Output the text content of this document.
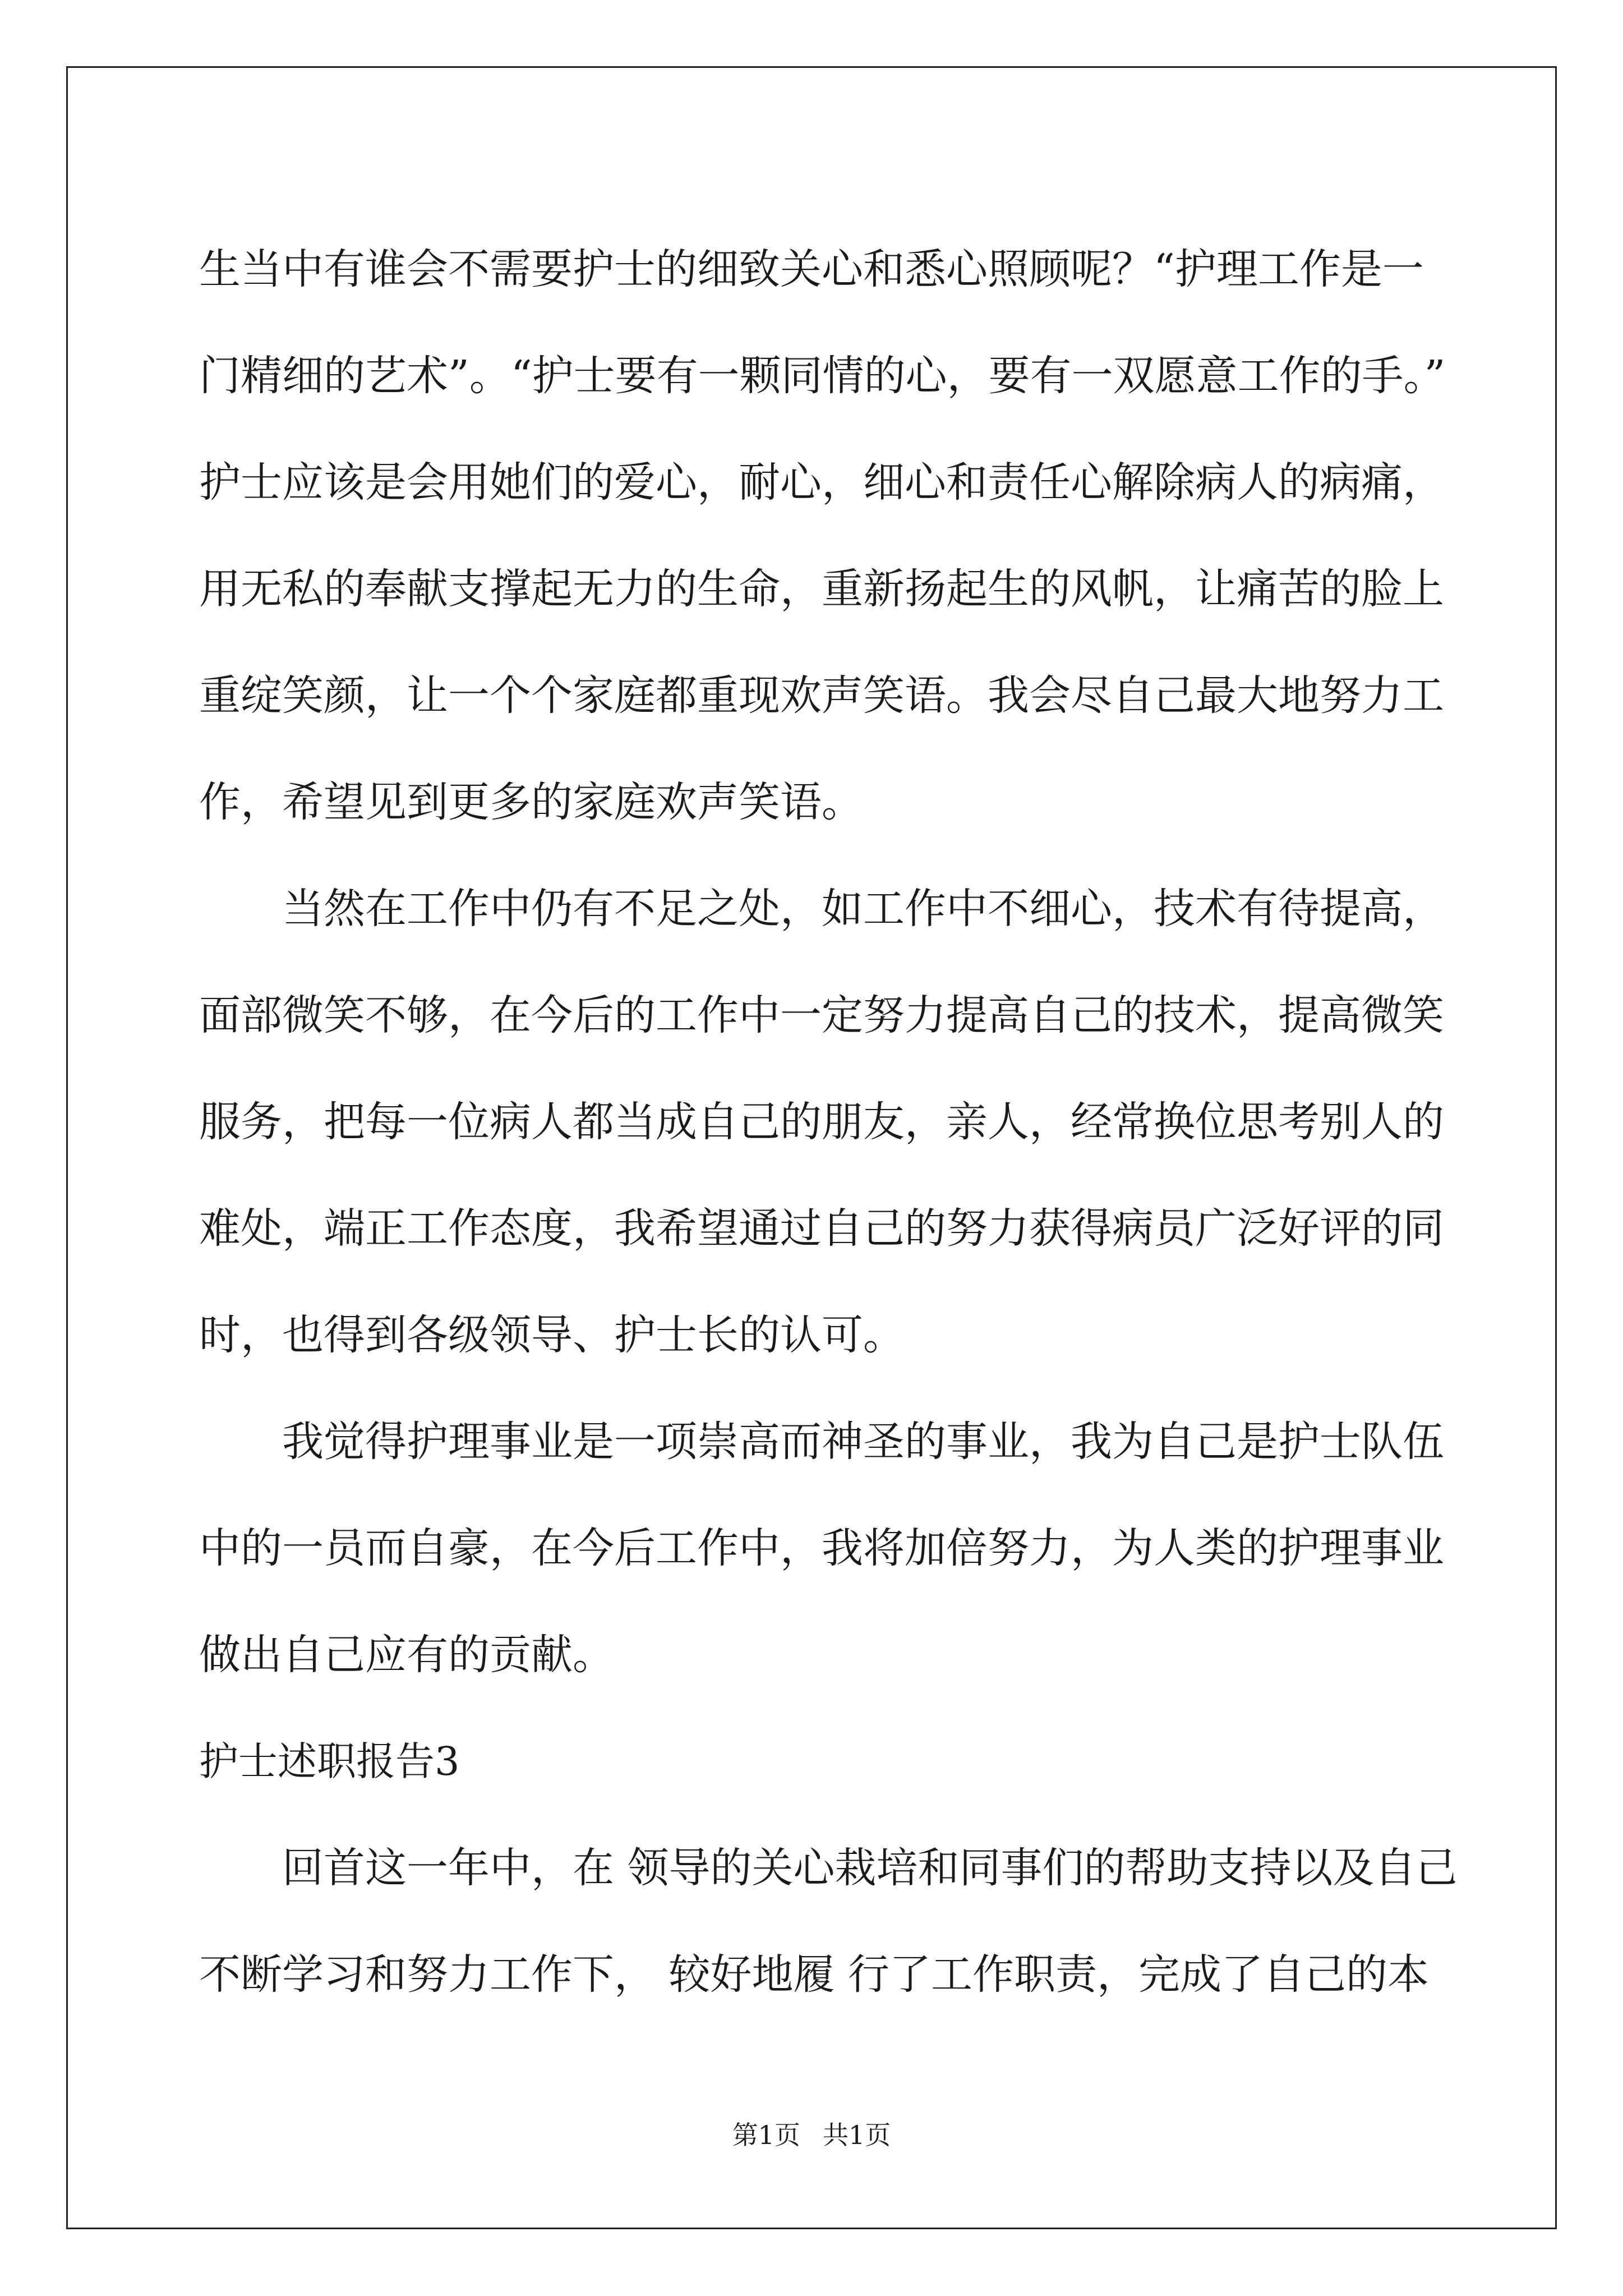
生当中有谁会不需要护士的细致关心和悉心照顾呢？“护理工作是一
门精细的艺术”。“护士要有一颗同情的心，要有一双愿意工作的手。”
护士应该是会用她们的爱心，耐心，细心和责任心解除病人的病痛，
用无私的奉献支撑起无力的生命，重新扬起生的风帆，让痛苦的脸上
重绽笑颜，让一个个家庭都重现欢声笑语。我会尽自己最大地努力工
作，希望见到更多的家庭欢声笑语。
当然在工作中仍有不足之处，如工作中不细心，技术有待提高，
面部微笑不够，在今后的工作中一定努力提高自己的技术，提高微笑
服务，把每一位病人都当成自己的朋友，亲人，经常换位思考别人的
难处，端正工作态度，我希望通过自己的努力获得病员广泛好评的同
时，也得到各级领导、护士长的认可。
我觉得护理事业是一项崇高而神圣的事业，我为自己是护士队伍
中的一员而自豪，在今后工作中，我将加倍努力，为人类的护理事业
做出自己应有的贡献。
护士述职报告3
回首这一年中，在 领导的关心栽培和同事们的帮助支持以及自己
不断学习和努力工作下， 较好地履 行了工作职责，完成了自己的本
第1页 共1页
